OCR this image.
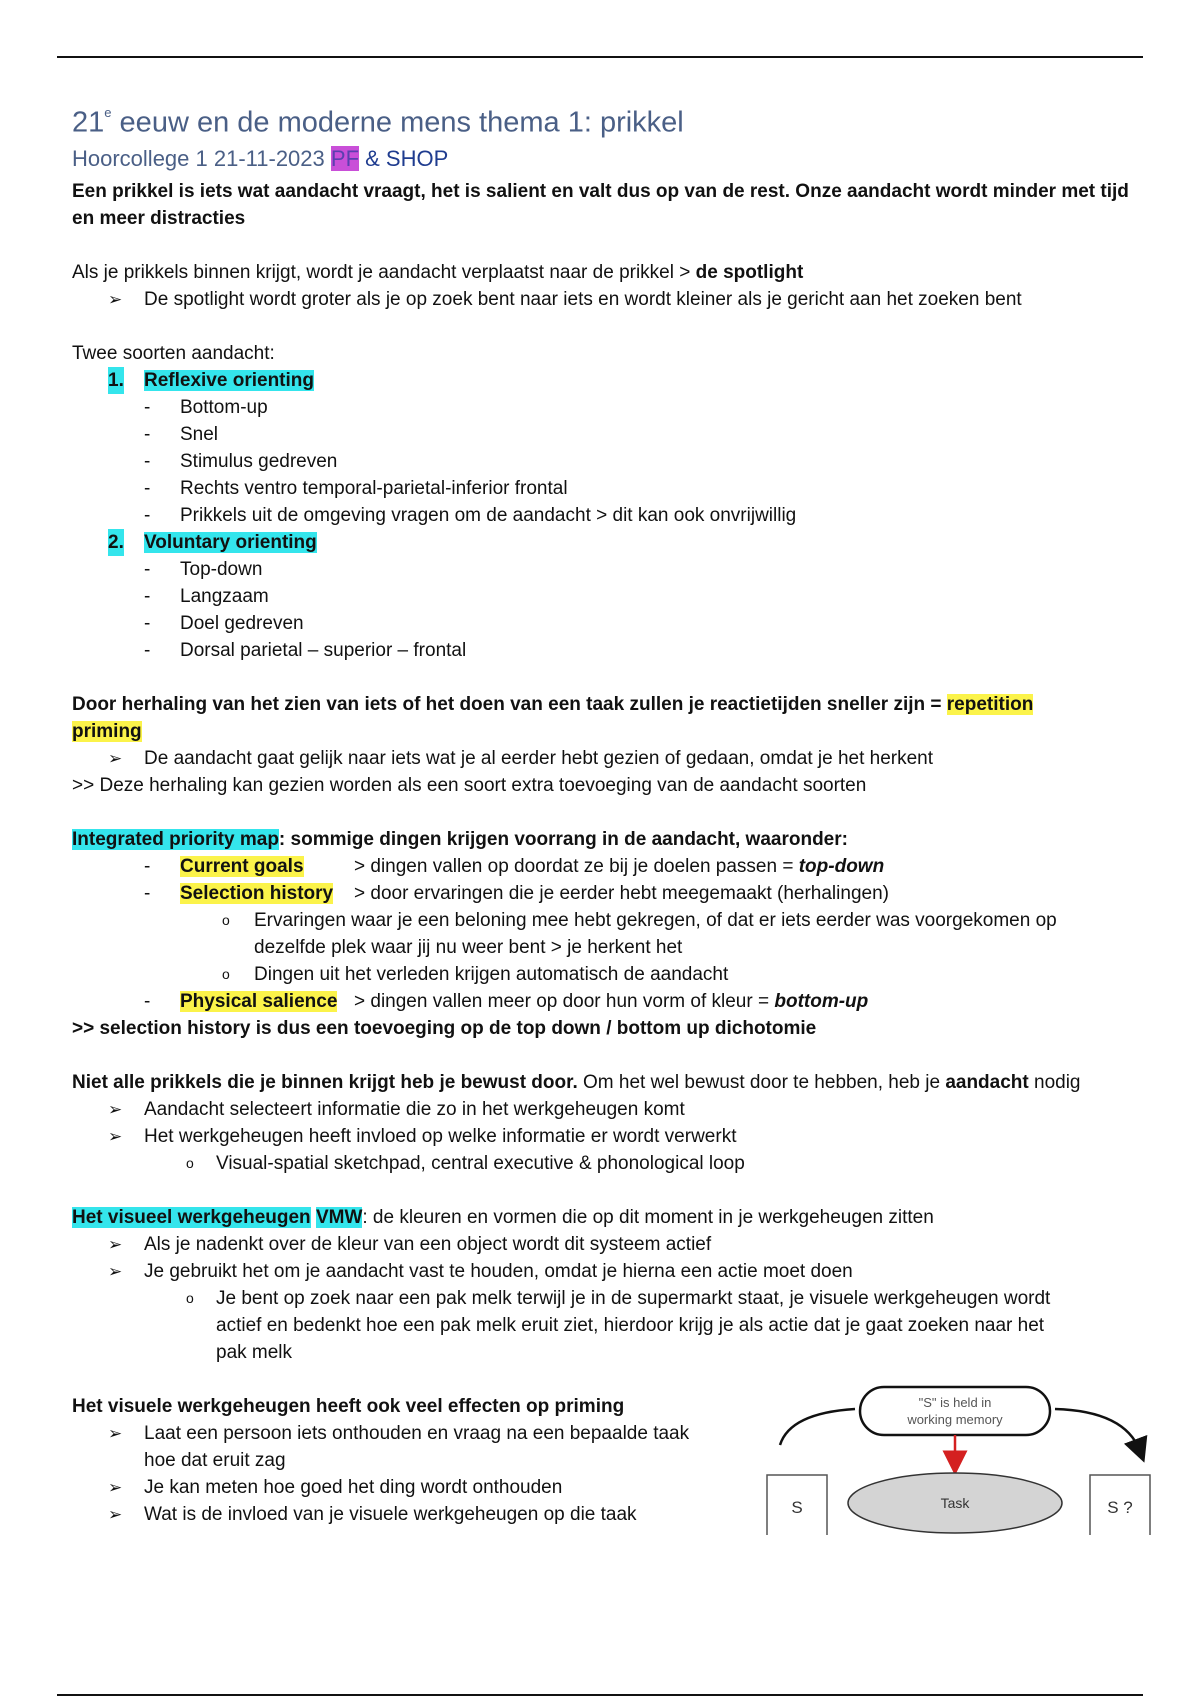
21e eeuw en de moderne mens thema 1: prikkel
Hoorcollege 1 21-11-2023 PF & SHOP

Een prikkel is iets wat aandacht vraagt, het is salient en valt dus op van de rest. Onze aandacht wordt minder met tijd en meer distracties

Als je prikkels binnen krijgt, wordt je aandacht verplaatst naar de prikkel > de spotlight

➢ De spotlight wordt groter als je op zoek bent naar iets en wordt kleiner als je gericht aan het zoeken bent

Twee soorten aandacht:

1. Reflexive orienting
- Bottom-up
- Snel
- Stimulus gedreven
- Rechts ventro temporal-parietal-inferior frontal
- Prikkels uit de omgeving vragen om de aandacht > dit kan ook onvrijwillig
2. Voluntary orienting
- Top-down
- Langzaam
- Doel gedreven
- Dorsal parietal – superior – frontal

Door herhaling van het zien van iets of het doen van een taak zullen je reactietijden sneller zijn = repetition
priming

➢ De aandacht gaat gelijk naar iets wat je al eerder hebt gezien of gedaan, omdat je het herkent

>> Deze herhaling kan gezien worden als een soort extra toevoeging van de aandacht soorten

Integrated priority map: sommige dingen krijgen voorrang in de aandacht, waaronder:

- Current goals	> dingen vallen op doordat ze bij je doelen passen = top-down
- Selection history > door ervaringen die je eerder hebt meegemaakt (herhalingen)
o Ervaringen waar je een beloning mee hebt gekregen, of dat er iets eerder was voorgekomen op
dezelfde plek waar jij nu weer bent > je herkent het
o Dingen uit het verleden krijgen automatisch de aandacht
- Physical salience > dingen vallen meer op door hun vorm of kleur = bottom-up

>> selection history is dus een toevoeging op de top down / bottom up dichotomie

Niet alle prikkels die je binnen krijgt heb je bewust door. Om het wel bewust door te hebben, heb je aandacht nodig

➢ Aandacht selecteert informatie die zo in het werkgeheugen komt
➢ Het werkgeheugen heeft invloed op welke informatie er wordt verwerkt
o Visual-spatial sketchpad, central executive & phonological loop

Het visueel werkgeheugen VMW: de kleuren en vormen die op dit moment in je werkgeheugen zitten

➢ Als je nadenkt over de kleur van een object wordt dit systeem actief
➢ Je gebruikt het om je aandacht vast te houden, omdat je hierna een actie moet doen
o Je bent op zoek naar een pak melk terwijl je in de supermarkt staat, je visuele werkgeheugen wordt
actief en bedenkt hoe een pak melk eruit ziet, hierdoor krijg je als actie dat je gaat zoeken naar het
pak melk

Het visuele werkgeheugen heeft ook veel effecten op priming

➢ Laat een persoon iets onthouden en vraag na een bepaalde taak
hoe dat eruit zag
➢ Je kan meten hoe goed het ding wordt onthouden
➢ Wat is de invloed van je visuele werkgeheugen op die taak
"S" is held in
working memory
S	Task	S ?
